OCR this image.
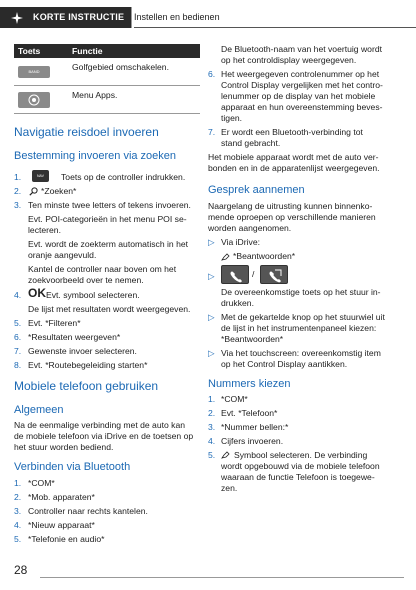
KORTE INSTRUCTIE Instellen en bedienen
Toets	Functie
BAND	Golfgebied omschakelen.
Menu Apps.
Navigatie reisdoel invoeren
Bestemming invoeren via zoeken
1.	NAV	Toets op de controller indrukken.
2. *Zoeken*
3. Ten minste twee letters of tekens invoeren.
Evt. POI-categorieën in het menu POI se-
lecteren.
Evt. wordt de zoekterm automatisch in het
oranje aangevuld.
Kantel de controller naar boven om het
zoekvoorbeeld over te nemen.
4. OK Evt. symbool selecteren.
De lijst met resultaten wordt weergegeven.
5. Evt. *Filteren*
6. *Resultaten weergeven*
7. Gewenste invoer selecteren.
8. Evt. *Routebegeleiding starten*
Mobiele telefoon gebruiken
Algemeen
Na de eenmalige verbinding met de auto kan
de mobiele telefoon via iDrive en de toetsen op
het stuur worden bediend.
Verbinden via Bluetooth
1. *COM*
2. *Mob. apparaten*
3. Controller naar rechts kantelen.
4. *Nieuw apparaat*
5. *Telefonie en audio*
De Bluetooth-naam van het voertuig wordt
op het controldisplay weergegeven.
6. Het weergegeven controlenummer op het
Control Display vergelijken met het contro-
lenummer op de display van het mobiele
apparaat en hun overeenstemming beves-
tigen.
7. Er wordt een Bluetooth-verbinding tot
stand gebracht.
Het mobiele apparaat wordt met de auto ver-
bonden en in de apparatenlijst weergegeven.
Gesprek aannemen
Naargelang de uitrusting kunnen binnenko-
mende oproepen op verschillende manieren
worden aangenomen.
▷ Via iDrive:
*Beantwoorden*
▷	/
De overeenkomstige toets op het stuur in-
drukken.
▷ Met de gekartelde knop op het stuurwiel uit
de lijst in het instrumentenpaneel kiezen:
*Beantwoorden*
▷ Via het touchscreen: overeenkomstig item
op het Control Display aantikken.
Nummers kiezen
1. *COM*
2. Evt. *Telefoon*
3. *Nummer bellen:*
4. Cijfers invoeren.
5. Symbool selecteren. De verbinding
wordt opgebouwd via de mobiele telefoon
waaraan de functie Telefoon is toegewe-
zen.
28
